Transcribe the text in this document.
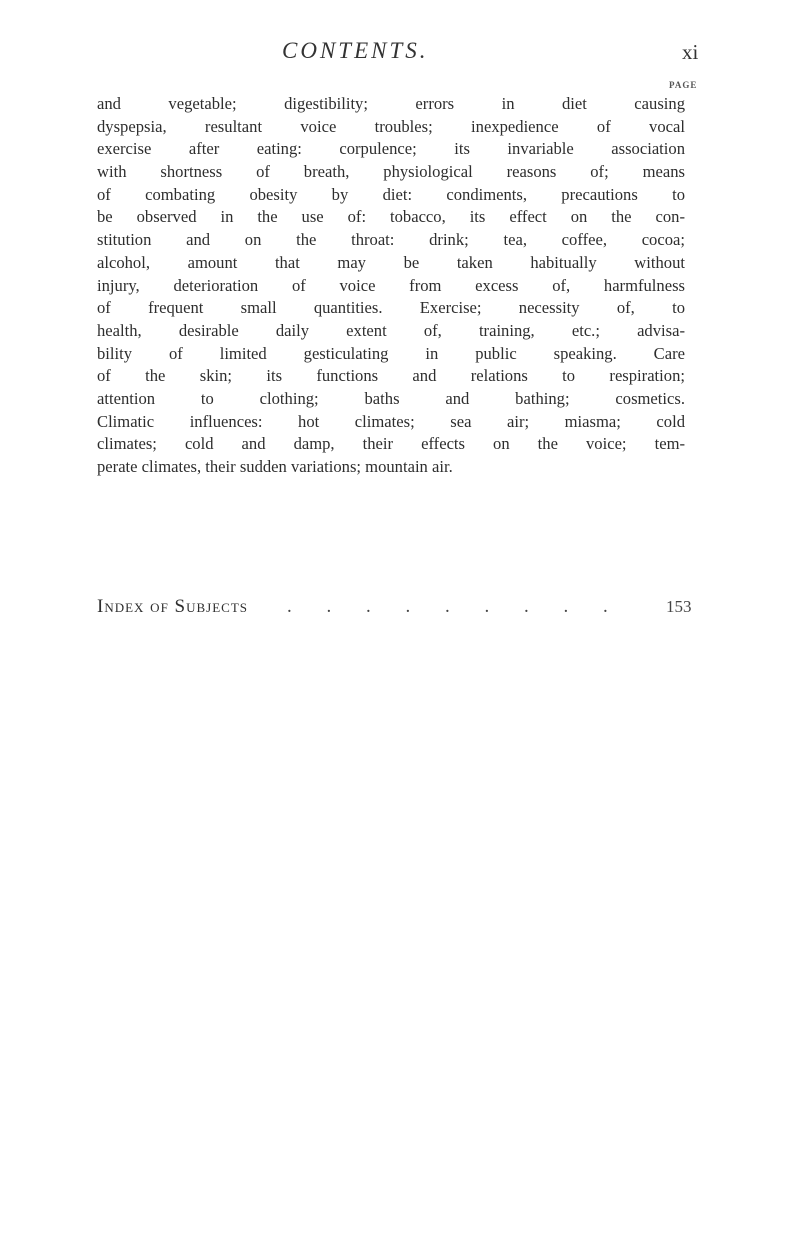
CONTENTS.	xi
PAGE
and vegetable; digestibility; errors in diet causing
dyspepsia, resultant voice troubles; inexpedience of vocal
exercise after eating: corpulence; its invariable association
with shortness of breath, physiological reasons of; means
of combating obesity by diet: condiments, precautions to
be observed in the use of: tobacco, its effect on the con-
stitution and on the throat: drink; tea, coffee, cocoa;
alcohol, amount that may be taken habitually without
injury, deterioration of voice from excess of, harmfulness
of frequent small quantities. Exercise; necessity of, to
health, desirable daily extent of, training, etc.; advisa-
bility of limited gesticulating in public speaking. Care
of the skin; its functions and relations to respiration;
attention to clothing; baths and bathing; cosmetics.
Climatic influences: hot climates; sea air; miasma; cold
climates; cold and damp, their effects on the voice; tem-
perate climates, their sudden variations; mountain air.
Index of Subjects . . . . . . . . .	153
